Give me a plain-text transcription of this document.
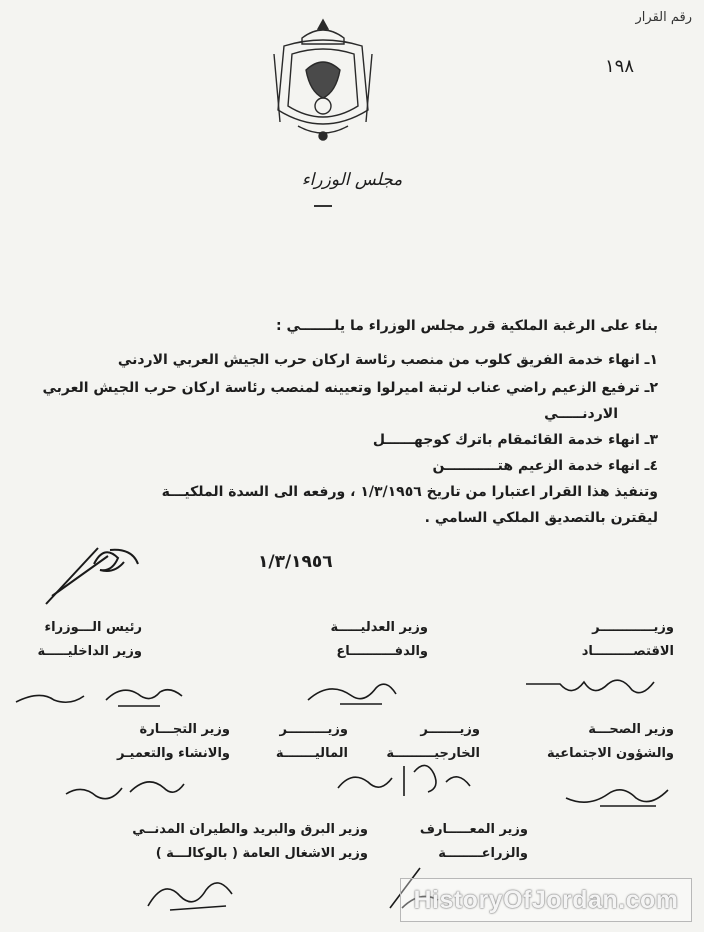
رقم القرار
١٩٨
مجلس الوزراء
بناء على الرغبة الملكية قرر مجلس الوزراء ما يلـــــــي :
١ـ انهاء خدمة الفريق كلوب من منصب رئاسة اركان حرب الجيش العربي الاردني
٢ـ ترفيع الزعيم راضي عناب لرتبة اميرلوا وتعيينه لمنصب رئاسة اركان حرب الجيش العربي
الاردنـــــي
٣ـ انهاء خدمة القائمقام باترك كوجهــــــل
٤ـ انهاء خدمة الزعيم هتـــــــــــن
وتنفيذ هذا القرار اعتبارا من تاريخ ١/٣/١٩٥٦ ، ورفعه الى السدة الملكيـــة
ليقترن بالتصديق الملكي السامي .
١/٣/١٩٥٦
رئيس الـــوزراء	وزير العدليـــــة	وزيــــــــــــر
وزير الداخليـــــة	والدفــــــــــاع	الاقتصـــــــــاد
وزير التجـــارة	وزيـــــــــر	وزيـــــــر	وزير الصحـــة
والانشاء والتعميـر	الماليـــــــة	الخارجيـــــــــة	والشؤون الاجتماعية
وزير البرق والبريد والطيران المدنــي	وزير المعـــــارف
وزير الاشغال العامة ( بالوكالـــة )	والزراعــــــــة
HistoryOfJordan.com
